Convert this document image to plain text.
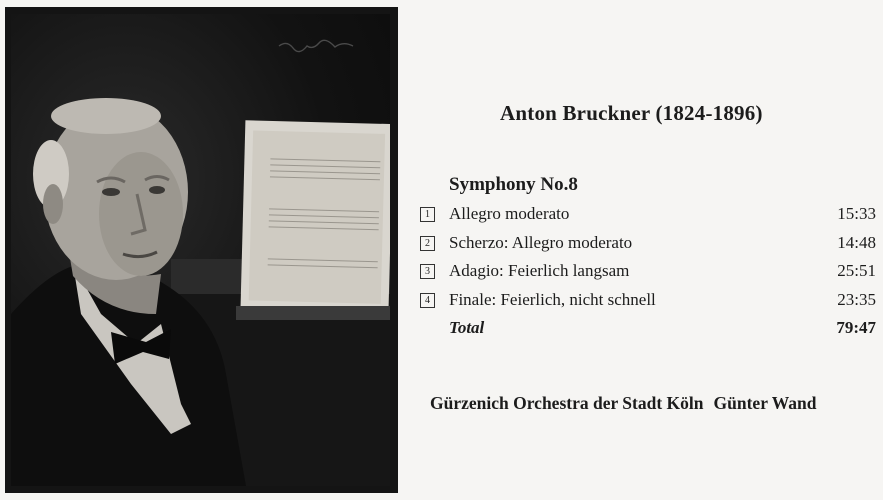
Anton Bruckner (1824-1896)
Symphony No.8
1 Allegro moderato	15:33
2 Scherzo: Allegro moderato	14:48
3 Adagio: Feierlich langsam	25:51
4 Finale: Feierlich, nicht schnell	23:35
Total	79:47
Gürzenich Orchestra der Stadt Köln Günter Wand
